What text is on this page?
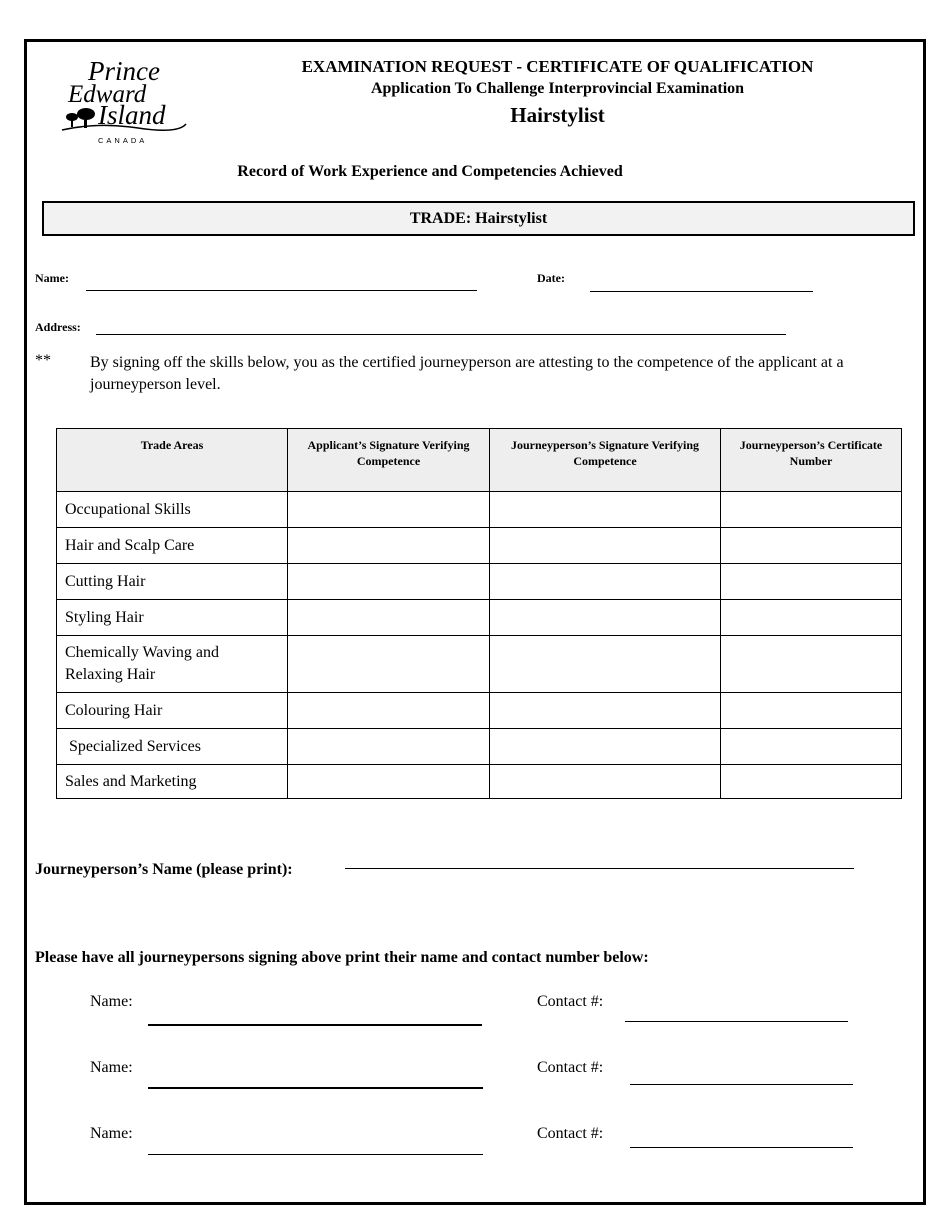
Prince
Edward
Island
CANADA
EXAMINATION REQUEST - CERTIFICATE OF QUALIFICATION
Application To Challenge Interprovincial Examination
Hairstylist
Record of Work Experience and Competencies Achieved
TRADE: Hairstylist
Name:	Date:
Address:
** By signing off the skills below, you as the certified journeyperson are attesting to the competence of the applicant at a journeyperson level.
Trade Areas	Applicant’s Signature Verifying Competence	Journeyperson’s Signature Verifying Competence	Journeyperson’s Certificate Number
Occupational Skills			
Hair and Scalp Care			
Cutting Hair			
Styling Hair			
Chemically Waving and Relaxing Hair			
Colouring Hair			
Specialized Services			
Sales and Marketing			
Journeyperson’s Name (please print):
Please have all journeypersons signing above print their name and contact number below:
Name:	Contact #:
Name:	Contact #:
Name:	Contact #:
